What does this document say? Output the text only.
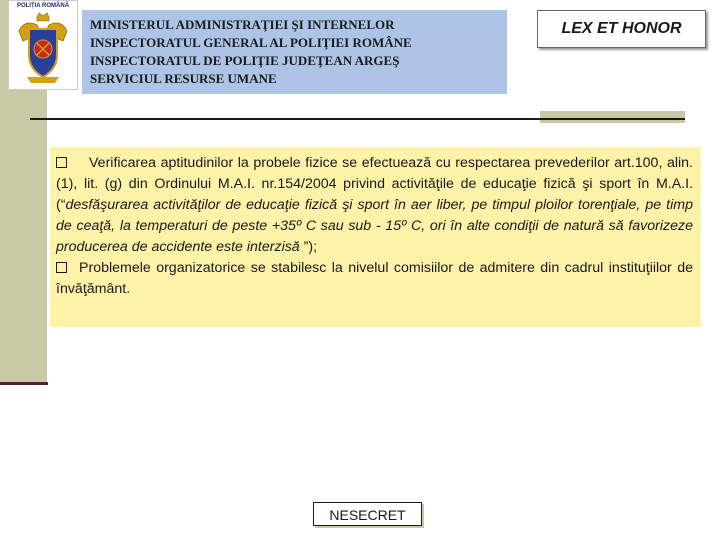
POLIȚIA ROMÂNĂ
MINISTERUL ADMINISTRAŢIEI ŞI INTERNELOR
INSPECTORATUL GENERAL AL POLIŢIEI ROMÂNE
INSPECTORATUL DE POLIŢIE JUDEŢEAN ARGEŞ
SERVICIUL RESURSE UMANE
LEX ET HONOR

Verificarea aptitudinilor la probele fizice se efectuează cu respectarea prevederilor art.100, alin. (1), lit. (g) din Ordinului M.A.I. nr.154/2004 privind activităţile de educaţie fizică şi sport în M.A.I. (“desfăşurarea activităţilor de educaţie fizică şi sport în aer liber, pe timpul ploilor torenţiale, pe timp de ceaţă, la temperaturi de peste +35º C sau sub - 15º C, ori în alte condiţii de natură să favorizeze producerea de accidente este interzisă ”);

Problemele organizatorice se stabilesc la nivelul comisiilor de admitere din cadrul instituţiilor de învăţământ.

NESECRET
